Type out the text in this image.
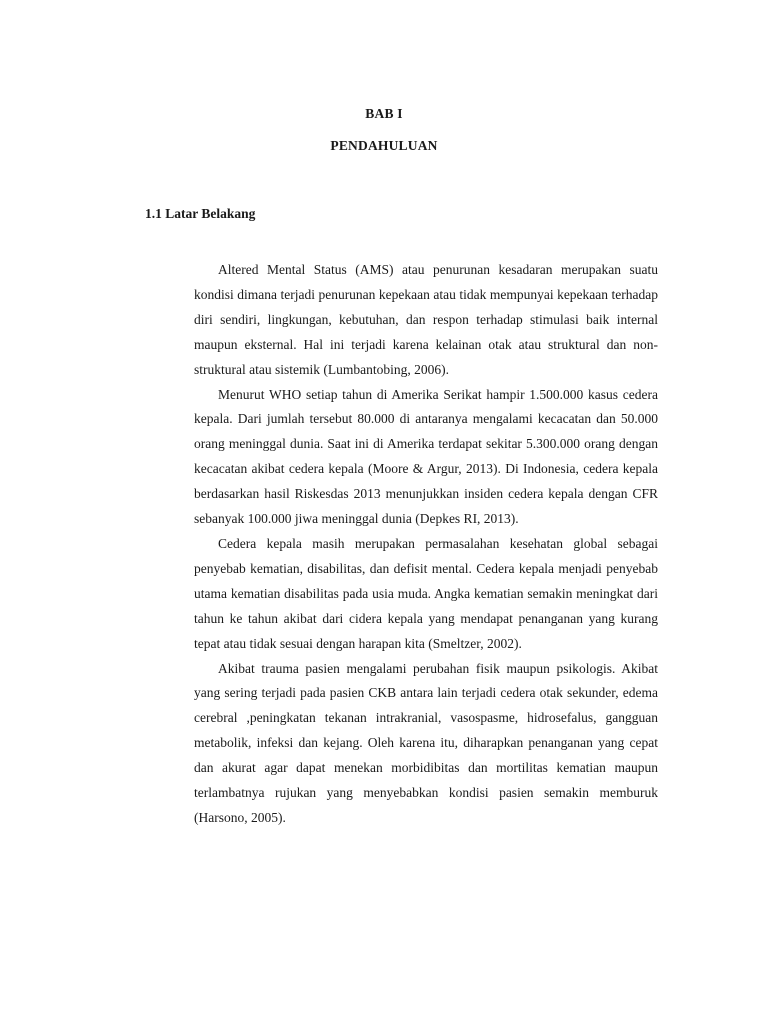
BAB I
PENDAHULUAN
1.1 Latar Belakang

Altered Mental Status (AMS) atau penurunan kesadaran merupakan suatu kondisi dimana terjadi penurunan kepekaan atau tidak mempunyai kepekaan terhadap diri sendiri, lingkungan, kebutuhan, dan respon terhadap stimulasi baik internal maupun eksternal. Hal ini terjadi karena kelainan otak atau struktural dan non-struktural atau sistemik (Lumbantobing, 2006).

Menurut WHO setiap tahun di Amerika Serikat hampir 1.500.000 kasus cedera kepala. Dari jumlah tersebut 80.000 di antaranya mengalami kecacatan dan 50.000 orang meninggal dunia. Saat ini di Amerika terdapat sekitar 5.300.000 orang dengan kecacatan akibat cedera kepala (Moore & Argur, 2013). Di Indonesia, cedera kepala berdasarkan hasil Riskesdas 2013 menunjukkan insiden cedera kepala dengan CFR sebanyak 100.000 jiwa meninggal dunia (Depkes RI, 2013).

Cedera kepala masih merupakan permasalahan kesehatan global sebagai penyebab kematian, disabilitas, dan defisit mental. Cedera kepala menjadi penyebab utama kematian disabilitas pada usia muda. Angka kematian semakin meningkat dari tahun ke tahun akibat dari cidera kepala yang mendapat penanganan yang kurang tepat atau tidak sesuai dengan harapan kita (Smeltzer, 2002).

Akibat trauma pasien mengalami perubahan fisik maupun psikologis. Akibat yang sering terjadi pada pasien CKB antara lain terjadi cedera otak sekunder, edema cerebral ,peningkatan tekanan intrakranial, vasospasme, hidrosefalus, gangguan metabolik, infeksi dan kejang. Oleh karena itu, diharapkan penanganan yang cepat dan akurat agar dapat menekan morbidibitas dan mortilitas kematian maupun terlambatnya rujukan yang menyebabkan kondisi pasien semakin memburuk (Harsono, 2005).
